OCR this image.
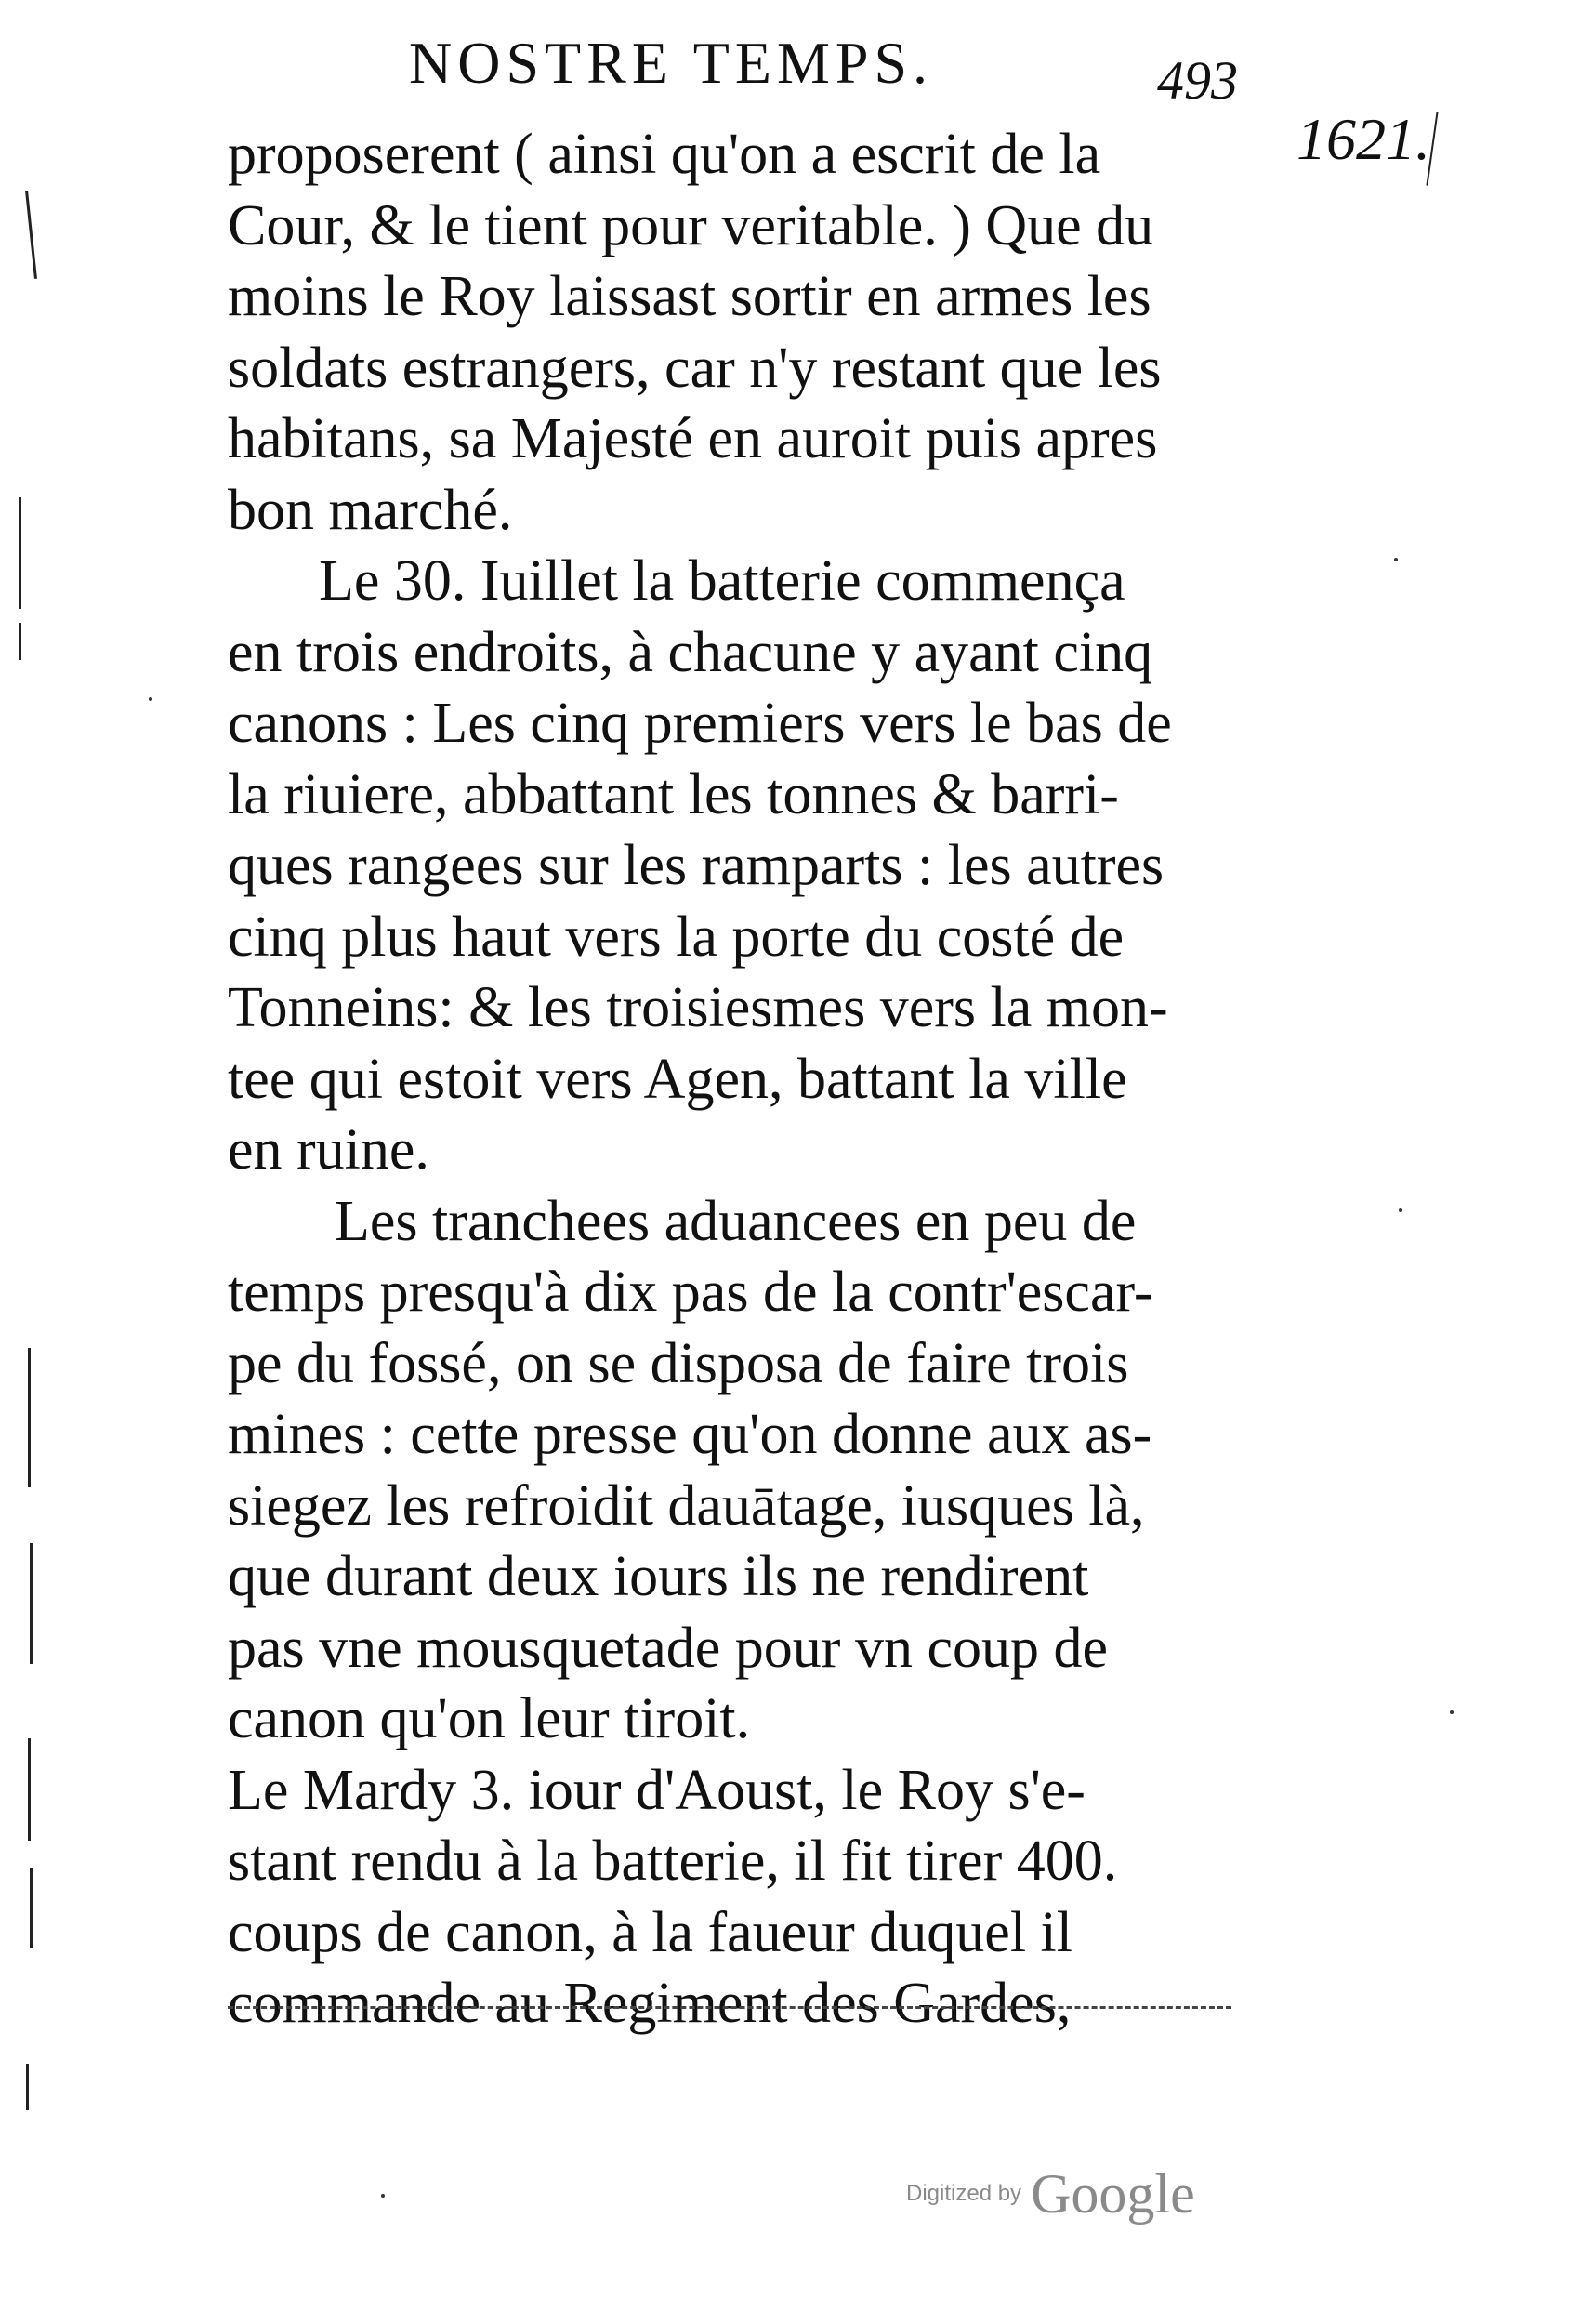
NOSTRE TEMPS.	493
1621.

proposerent ( ainsi qu'on a escrit de la
Cour, & le tient pour veritable. ) Que du
moins le Roy laissast sortir en armes les
soldats estrangers, car n'y restant que les
habitans, sa Majesté en auroit puis apres
bon marché.

Le 30. Iuillet la batterie commença
en trois endroits, à chacune y ayant cinq
canons : Les cinq premiers vers le bas de
la riuiere, abbattant les tonnes & barri-
ques rangees sur les ramparts : les autres
cinq plus haut vers la porte du costé de
Tonneins: & les troisiesmes vers la mon-
tee qui estoit vers Agen, battant la ville
en ruine.

Les tranchees aduancees en peu de
temps presqu'à dix pas de la contr'escar-
pe du fossé, on se disposa de faire trois
mines : cette presse qu'on donne aux as-
siegez les refroidit dauātage, iusques là,
que durant deux iours ils ne rendirent
pas vne mousquetade pour vn coup de
canon qu'on leur tiroit.

Le Mardy 3. iour d'Aoust, le Roy s'e-
stant rendu à la batterie, il fit tirer 400.
coups de canon, à la faueur duquel il
commande au Regiment des Gardes,

Digitized by Google
